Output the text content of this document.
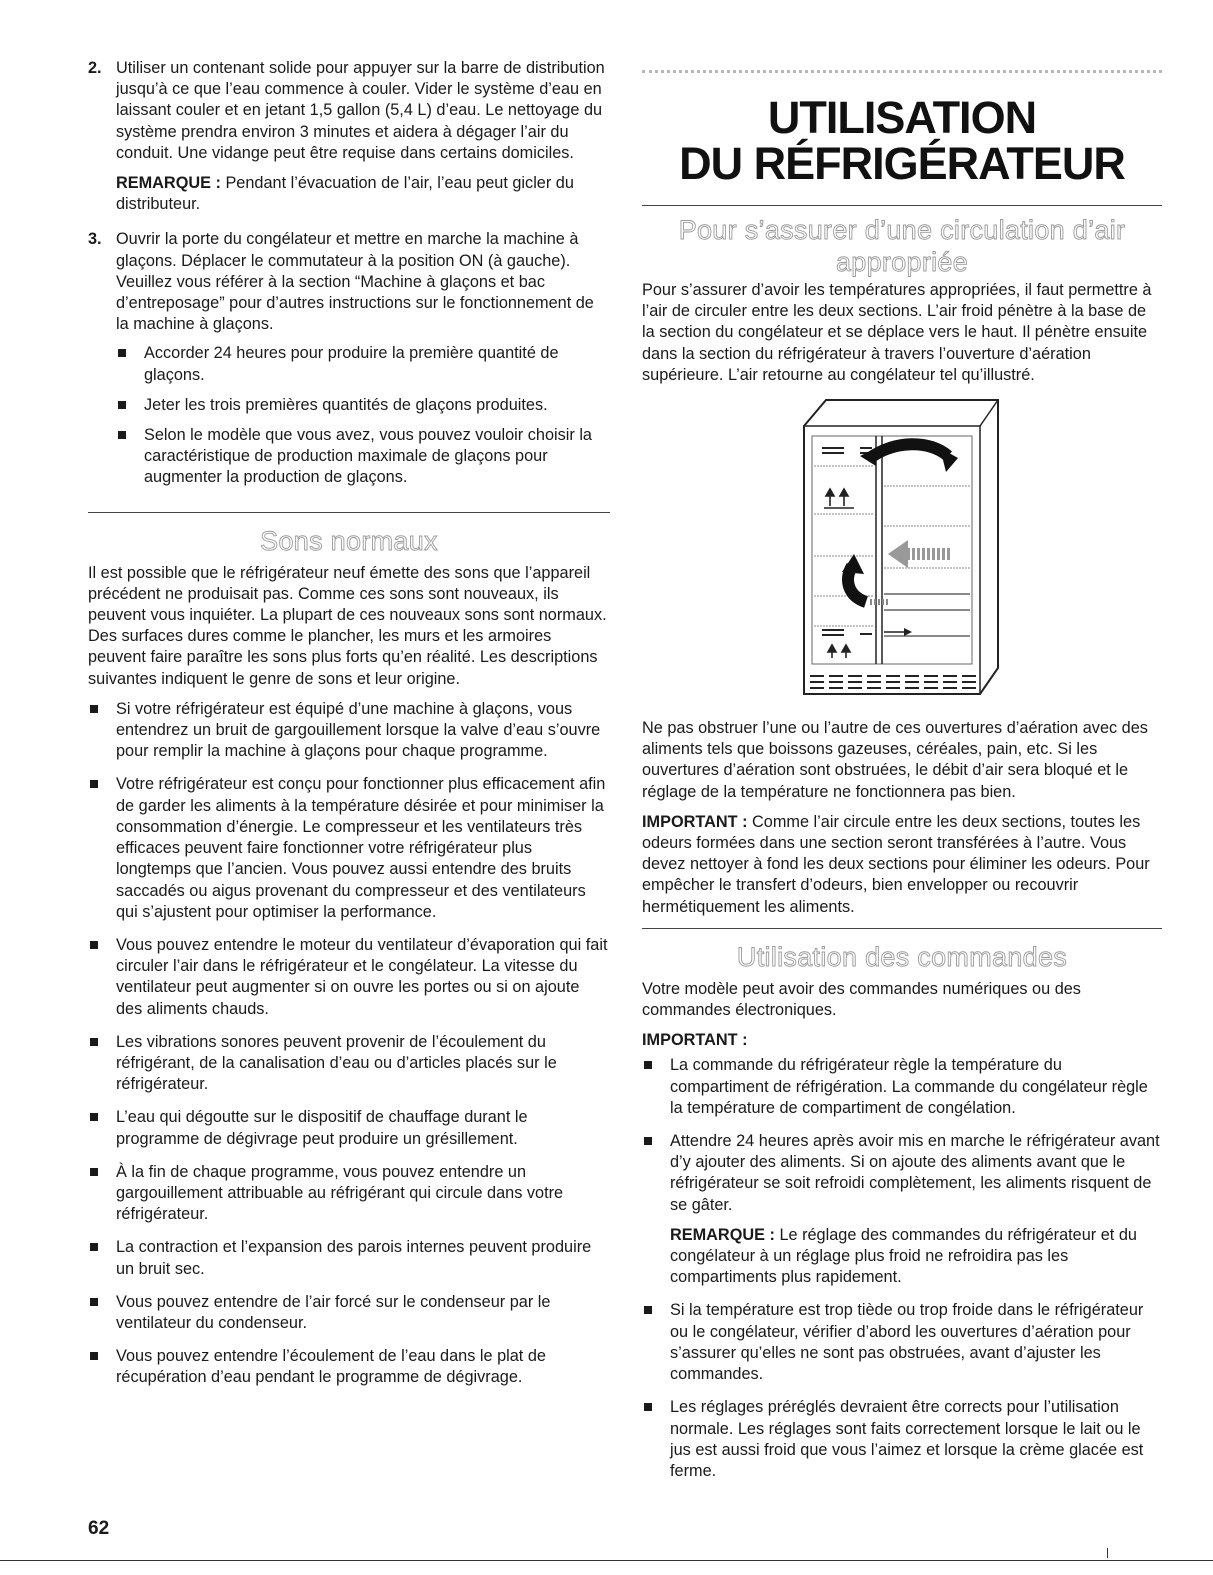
2. Utiliser un contenant solide pour appuyer sur la barre de distribution jusqu’à ce que l’eau commence à couler. Vider le système d’eau en laissant couler et en jetant 1,5 gallon (5,4 L) d’eau. Le nettoyage du système prendra environ 3 minutes et aidera à dégager l’air du conduit. Une vidange peut être requise dans certains domiciles.

REMARQUE : Pendant l’évacuation de l’air, l’eau peut gicler du distributeur.

3. Ouvrir la porte du congélateur et mettre en marche la machine à glaçons. Déplacer le commutateur à la position ON (à gauche). Veuillez vous référer à la section “Machine à glaçons et bac d’entreposage” pour d’autres instructions sur le fonctionnement de la machine à glaçons.

Accorder 24 heures pour produire la première quantité de glaçons.
Jeter les trois premières quantités de glaçons produites.
Selon le modèle que vous avez, vous pouvez vouloir choisir la caractéristique de production maximale de glaçons pour augmenter la production de glaçons.
Sons normaux

Il est possible que le réfrigérateur neuf émette des sons que l’appareil précédent ne produisait pas. Comme ces sons sont nouveaux, ils peuvent vous inquiéter. La plupart de ces nouveaux sons sont normaux. Des surfaces dures comme le plancher, les murs et les armoires peuvent faire paraître les sons plus forts qu’en réalité. Les descriptions suivantes indiquent le genre de sons et leur origine.

Si votre réfrigérateur est équipé d’une machine à glaçons, vous entendrez un bruit de gargouillement lorsque la valve d’eau s’ouvre pour remplir la machine à glaçons pour chaque programme.
Votre réfrigérateur est conçu pour fonctionner plus efficacement afin de garder les aliments à la température désirée et pour minimiser la consommation d’énergie. Le compresseur et les ventilateurs très efficaces peuvent faire fonctionner votre réfrigérateur plus longtemps que l’ancien. Vous pouvez aussi entendre des bruits saccadés ou aigus provenant du compresseur et des ventilateurs qui s’ajustent pour optimiser la performance.
Vous pouvez entendre le moteur du ventilateur d’évaporation qui fait circuler l’air dans le réfrigérateur et le congélateur. La vitesse du ventilateur peut augmenter si on ouvre les portes ou si on ajoute des aliments chauds.
Les vibrations sonores peuvent provenir de l’écoulement du réfrigérant, de la canalisation d’eau ou d’articles placés sur le réfrigérateur.
L’eau qui dégoutte sur le dispositif de chauffage durant le programme de dégivrage peut produire un grésillement.
À la fin de chaque programme, vous pouvez entendre un gargouillement attribuable au réfrigérant qui circule dans votre réfrigérateur.
La contraction et l’expansion des parois internes peuvent produire un bruit sec.
Vous pouvez entendre de l’air forcé sur le condenseur par le ventilateur du condenseur.
Vous pouvez entendre l’écoulement de l’eau dans le plat de récupération d’eau pendant le programme de dégivrage.
UTILISATION
DU RÉFRIGÉRATEUR
Pour s’assurer d’une circulation d’air
appropriée

Pour s’assurer d’avoir les températures appropriées, il faut permettre à l’air de circuler entre les deux sections. L’air froid pénètre à la base de la section du congélateur et se déplace vers le haut. Il pénètre ensuite dans la section du réfrigérateur à travers l’ouverture d’aération supérieure. L’air retourne au congélateur tel qu’illustré.

Ne pas obstruer l’une ou l’autre de ces ouvertures d’aération avec des aliments tels que boissons gazeuses, céréales, pain, etc. Si les ouvertures d’aération sont obstruées, le débit d’air sera bloqué et le réglage de la température ne fonctionnera pas bien.

IMPORTANT : Comme l’air circule entre les deux sections, toutes les odeurs formées dans une section seront transférées à l’autre. Vous devez nettoyer à fond les deux sections pour éliminer les odeurs. Pour empêcher le transfert d’odeurs, bien envelopper ou recouvrir hermétiquement les aliments.

Utilisation des commandes

Votre modèle peut avoir des commandes numériques ou des commandes électroniques.

IMPORTANT :

La commande du réfrigérateur règle la température du compartiment de réfrigération. La commande du congélateur règle la température de compartiment de congélation.
Attendre 24 heures après avoir mis en marche le réfrigérateur avant d’y ajouter des aliments. Si on ajoute des aliments avant que le réfrigérateur se soit refroidi complètement, les aliments risquent de se gâter.

REMARQUE : Le réglage des commandes du réfrigérateur et du congélateur à un réglage plus froid ne refroidira pas les compartiments plus rapidement.

Si la température est trop tiède ou trop froide dans le réfrigérateur ou le congélateur, vérifier d’abord les ouvertures d’aération pour s’assurer qu’elles ne sont pas obstruées, avant d’ajuster les commandes.
Les réglages préréglés devraient être corrects pour l’utilisation normale. Les réglages sont faits correctement lorsque le lait ou le jus est aussi froid que vous l’aimez et lorsque la crème glacée est ferme.
62
